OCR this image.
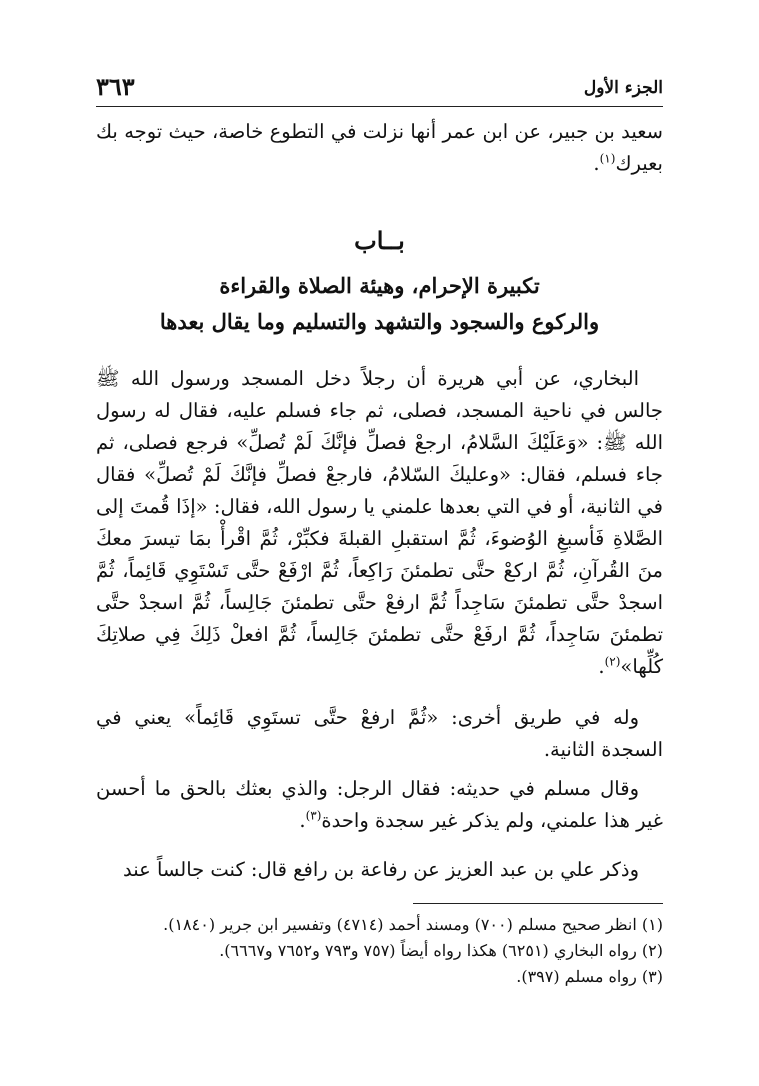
الجزء الأول
٣٦٣
سعيد بن جبير، عن ابن عمر أنها نزلت في التطوع خاصة، حيث توجه بك بعيرك$^{(١)}$.
بــاب
تكبيرة الإحرام، وهيئة الصلاة والقراءة
والركوع والسجود والتشهد والتسليم وما يقال بعدها
البخاري، عن أبي هريرة أن رجلاً دخل المسجد ورسول الله ﷺ جالس في ناحية المسجد، فصلى، ثم جاء فسلم عليه، فقال له رسول الله ﷺ: «وَعَلَيْكَ السَّلامُ، ارجعْ فصلِّ فإنَّكَ لَمْ تُصلِّ» فرجع فصلى، ثم جاء فسلم، فقال: «وعليكَ السّلامُ، فارجعْ فصلِّ فإنَّكَ لَمْ تُصلِّ» فقال في الثانية، أو في التي بعدها علمني يا رسول الله، فقال: «إذَا قُمتَ إلى الصَّلاةِ فَأسبغِ الوُضوءَ، ثُمَّ استقبلِ القبلةَ فكبِّرْ، ثُمَّ اقْرأْ بمَا تيسرَ معكَ منَ القُرآنِ، ثُمَّ اركعْ حتَّى تطمئنَ رَاكِعاً، ثُمَّ ارْفَعْ حتَّى تَسْتَوِي قَائِماً، ثُمَّ اسجدْ حتَّى تطمئنَ سَاجِداً ثُمَّ ارفعْ حتَّى تطمئنَ جَالِساً، ثُمَّ اسجدْ حتَّى تطمئنَ سَاجِداً، ثُمَّ ارفَعْ حتَّى تطمئنَ جَالِساً، ثُمَّ افعلْ ذَلِكَ فِي صلاتِكَ كُلِّها»$^{(٢)}$.
وله في طريق أخرى: «ثُمَّ ارفعْ حتَّى تستَوِي قَائِماً» يعني في السجدة الثانية.
وقال مسلم في حديثه: فقال الرجل: والذي بعثك بالحق ما أحسن غير هذا علمني، ولم يذكر غير سجدة واحدة$^{(٣)}$.
وذكر علي بن عبد العزيز عن رفاعة بن رافع قال: كنت جالساً عند
(١) انظر صحيح مسلم (٧٠٠) ومسند أحمد (٤٧١٤) وتفسير ابن جرير (١٨٤٠).
(٢) رواه البخاري (٦٢٥١) هكذا رواه أيضاً (٧٥٧ و٧٩٣ و٧٦٥٢ و٦٦٦٧).
(٣) رواه مسلم (٣٩٧).
